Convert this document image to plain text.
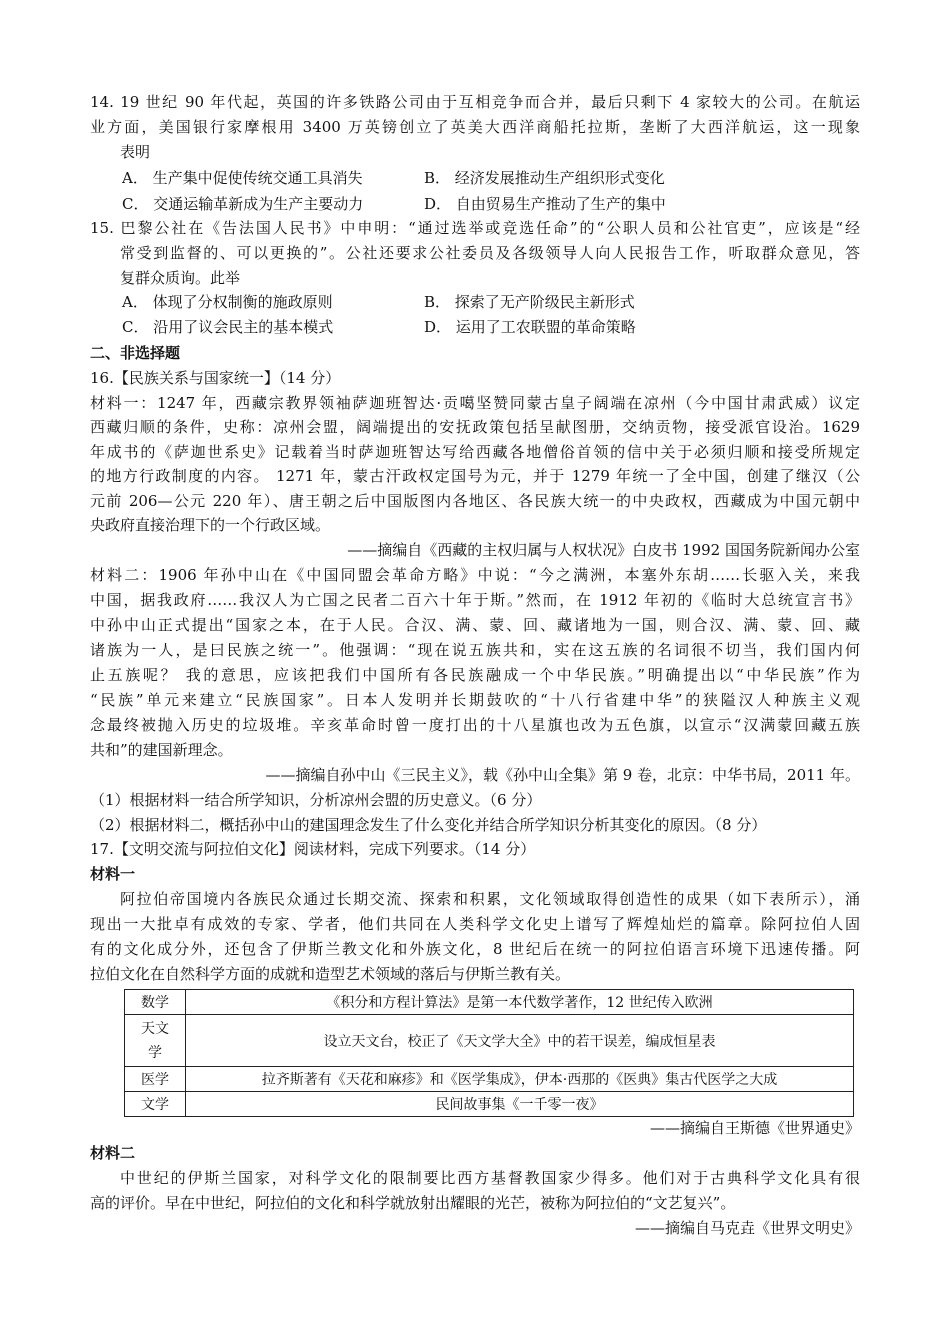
14. 19 世纪 90 年代起，英国的许多铁路公司由于互相竞争而合并，最后只剩下 4 家较大的公司。在航运
业方面，美国银行家摩根用 3400 万英镑创立了英美大西洋商船托拉斯，垄断了大西洋航运，这一现象
表明
A． 生产集中促使传统交通工具消失	B． 经济发展推动生产组织形式变化
C． 交通运输革新成为生产主要动力	D． 自由贸易生产推动了生产的集中
15. 巴黎公社在《告法国人民书》中申明：“通过选举或竞选任命”的“公职人员和公社官吏”，应该是“经
常受到监督的、可以更换的”。公社还要求公社委员及各级领导人向人民报告工作，听取群众意见，答
复群众质询。此举
A． 体现了分权制衡的施政原则	B． 探索了无产阶级民主新形式
C． 沿用了议会民主的基本模式	D． 运用了工农联盟的革命策略
二、非选择题
16.【民族关系与国家统一】（14 分）
材料一：1247 年，西藏宗教界领袖萨迦班智达·贡噶坚赞同蒙古皇子阔端在凉州（今中国甘肃武威）议定
西藏归顺的条件，史称：凉州会盟，阔端提出的安抚政策包括呈献图册，交纳贡物，接受派官设治。1629
年成书的《萨迦世系史》记载着当时萨迦班智达写给西藏各地僧俗首领的信中关于必须归顺和接受所规定
的地方行政制度的内容。 1271 年，蒙古汗政权定国号为元，并于 1279 年统一了全中国，创建了继汉（公
元前 206—公元 220 年）、唐王朝之后中国版图内各地区、各民族大统一的中央政权，西藏成为中国元朝中
央政府直接治理下的一个行政区域。
——摘编自《西藏的主权归属与人权状况》白皮书 1992 国国务院新闻办公室
材料二：1906 年孙中山在《中国同盟会革命方略》中说：“今之满洲，本塞外东胡……长驱入关，来我
中国，据我政府……我汉人为亡国之民者二百六十年于斯。”然而，在 1912 年初的《临时大总统宣言书》
中孙中山正式提出“国家之本，在于人民。合汉、满、蒙、回、藏诸地为一国，则合汉、满、蒙、回、藏
诸族为一人，是曰民族之统一”。他强调：“现在说五族共和，实在这五族的名词很不切当，我们国内何
止五族呢？ 我的意思，应该把我们中国所有各民族融成一个中华民族。”明确提出以“中华民族”作为
“民族”单元来建立“民族国家”。日本人发明并长期鼓吹的“十八行省建中华”的狭隘汉人种族主义观
念最终被抛入历史的垃圾堆。辛亥革命时曾一度打出的十八星旗也改为五色旗，以宣示“汉满蒙回藏五族
共和”的建国新理念。
——摘编自孙中山《三民主义》，载《孙中山全集》第 9 卷，北京：中华书局，2011 年。
（1）根据材料一结合所学知识，分析凉州会盟的历史意义。（6 分）
（2）根据材料二，概括孙中山的建国理念发生了什么变化并结合所学知识分析其变化的原因。（8 分）
17.【文明交流与阿拉伯文化】阅读材料，完成下列要求。（14 分）
材料一
阿拉伯帝国境内各族民众通过长期交流、探索和积累，文化领域取得创造性的成果（如下表所示），涌
现出一大批卓有成效的专家、学者，他们共同在人类科学文化史上谱写了辉煌灿烂的篇章。除阿拉伯人固
有的文化成分外，还包含了伊斯兰教文化和外族文化，8 世纪后在统一的阿拉伯语言环境下迅速传播。阿
拉伯文化在自然科学方面的成就和造型艺术领域的落后与伊斯兰教有关。
数学	《积分和方程计算法》是第一本代数学著作，12 世纪传入欧洲
天文学	设立天文台，校正了《天文学大全》中的若干误差，编成恒星表
医学	拉齐斯著有《天花和麻疹》和《医学集成》，伊本·西那的《医典》集古代医学之大成
文学	民间故事集《一千零一夜》
——摘编自王斯德《世界通史》
材料二
中世纪的伊斯兰国家，对科学文化的限制要比西方基督教国家少得多。他们对于古典科学文化具有很
高的评价。早在中世纪，阿拉伯的文化和科学就放射出耀眼的光芒，被称为阿拉伯的“文艺复兴”。
——摘编自马克垚《世界文明史》
